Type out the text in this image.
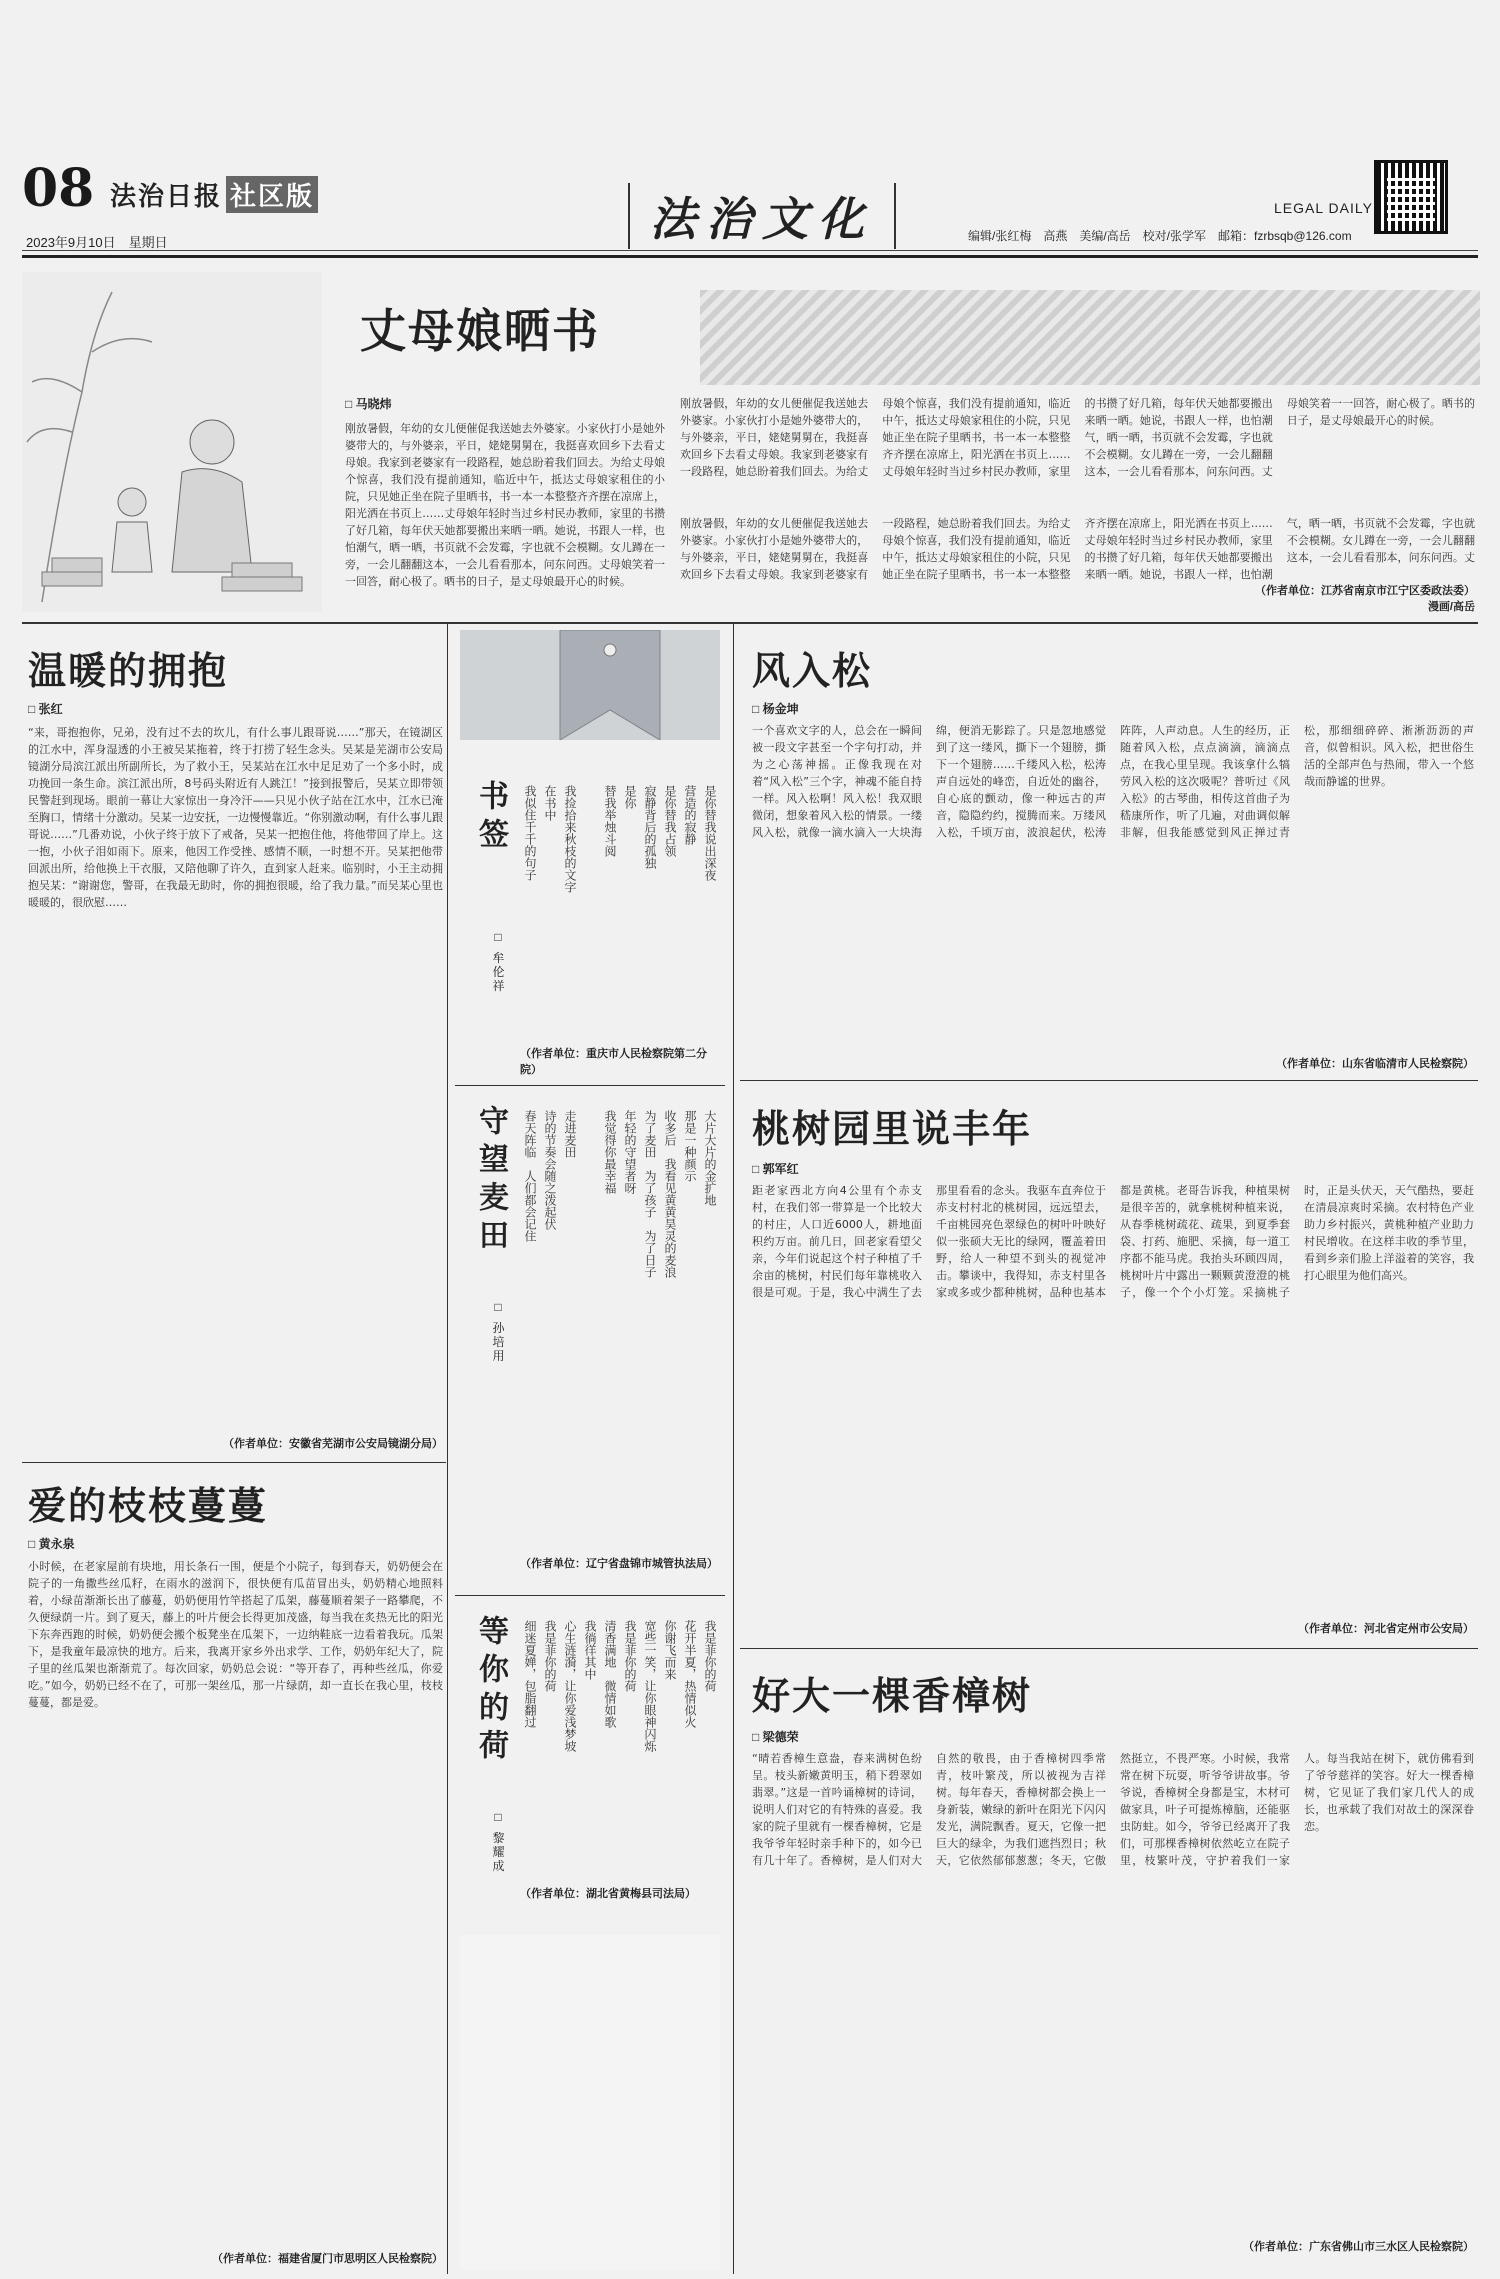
08 法治日报 社区版
2023年9月10日　星期日	法治文化	LEGAL DAILY
编辑/张红梅　高燕　美编/高岳　校对/张学军　邮箱：fzrbsqb@126.com
丈母娘晒书
□ 马晓炜
刚放暑假，年幼的女儿便催促我送她去外婆家。小家伙打小是她外婆带大的，与外婆亲，平日，姥姥舅舅在，我挺喜欢回乡下去看丈母娘。我家到老婆家有一段路程，她总盼着我们回去。为给丈母娘个惊喜，我们没有提前通知，临近中午，抵达丈母娘家租住的小院，只见她正坐在院子里晒书，书一本一本整整齐齐摆在凉席上，阳光洒在书页上……丈母娘年轻时当过乡村民办教师，家里的书攒了好几箱，每年伏天她都要搬出来晒一晒。她说，书跟人一样，也怕潮气，晒一晒，书页就不会发霉，字也就不会模糊。女儿蹲在一旁，一会儿翻翻这本，一会儿看看那本，问东问西。丈母娘笑着一一回答，耐心极了。晒书的日子，是丈母娘最开心的时候。
刚放暑假，年幼的女儿便催促我送她去外婆家。小家伙打小是她外婆带大的，与外婆亲，平日，姥姥舅舅在，我挺喜欢回乡下去看丈母娘。我家到老婆家有一段路程，她总盼着我们回去。为给丈母娘个惊喜，我们没有提前通知，临近中午，抵达丈母娘家租住的小院，只见她正坐在院子里晒书，书一本一本整整齐齐摆在凉席上，阳光洒在书页上……丈母娘年轻时当过乡村民办教师，家里的书攒了好几箱，每年伏天她都要搬出来晒一晒。她说，书跟人一样，也怕潮气，晒一晒，书页就不会发霉，字也就不会模糊。女儿蹲在一旁，一会儿翻翻这本，一会儿看看那本，问东问西。丈母娘笑着一一回答，耐心极了。晒书的日子，是丈母娘最开心的时候。
刚放暑假，年幼的女儿便催促我送她去外婆家。小家伙打小是她外婆带大的，与外婆亲，平日，姥姥舅舅在，我挺喜欢回乡下去看丈母娘。我家到老婆家有一段路程，她总盼着我们回去。为给丈母娘个惊喜，我们没有提前通知，临近中午，抵达丈母娘家租住的小院，只见她正坐在院子里晒书，书一本一本整整齐齐摆在凉席上，阳光洒在书页上……丈母娘年轻时当过乡村民办教师，家里的书攒了好几箱，每年伏天她都要搬出来晒一晒。她说，书跟人一样，也怕潮气，晒一晒，书页就不会发霉，字也就不会模糊。女儿蹲在一旁，一会儿翻翻这本，一会儿看看那本，问东问西。丈
（作者单位：江苏省南京市江宁区委政法委）
漫画/高岳
温暖的拥抱
□ 张红
“来，哥抱抱你，兄弟，没有过不去的坎儿，有什么事儿跟哥说……”那天，在镜湖区的江水中，浑身湿透的小王被吴某拖着，终于打捞了轻生念头。吴某是芜湖市公安局镜湖分局滨江派出所副所长，为了救小王，吴某站在江水中足足劝了一个多小时，成功挽回一条生命。滨江派出所，8号码头附近有人跳江！”接到报警后，吴某立即带领民警赶到现场。眼前一幕让大家惊出一身冷汗——只见小伙子站在江水中，江水已淹至胸口，情绪十分激动。吴某一边安抚，一边慢慢靠近。“你别激动啊，有什么事儿跟哥说……”几番劝说，小伙子终于放下了戒备，吴某一把抱住他，将他带回了岸上。这一抱，小伙子泪如雨下。原来，他因工作受挫、感情不顺，一时想不开。吴某把他带回派出所，给他换上干衣服，又陪他聊了许久，直到家人赶来。临别时，小王主动拥抱吴某：“谢谢您，警哥，在我最无助时，你的拥抱很暖，给了我力量。”而吴某心里也暖暖的，很欣慰……
（作者单位：安徽省芜湖市公安局镜湖分局）
爱的枝枝蔓蔓
□ 黄永泉
小时候，在老家屋前有块地，用长条石一围，便是个小院子，每到春天，奶奶便会在院子的一角撒些丝瓜籽，在雨水的滋润下，很快便有瓜苗冒出头，奶奶精心地照料着，小绿苗渐渐长出了藤蔓，奶奶便用竹竿搭起了瓜架，藤蔓顺着架子一路攀爬，不久便绿荫一片。到了夏天，藤上的叶片便会长得更加茂盛，每当我在炙热无比的阳光下东奔西跑的时候，奶奶便会搬个板凳坐在瓜架下，一边纳鞋底一边看着我玩。瓜架下，是我童年最凉快的地方。后来，我离开家乡外出求学、工作，奶奶年纪大了，院子里的丝瓜架也渐渐荒了。每次回家，奶奶总会说：“等开春了，再种些丝瓜，你爱吃。”如今，奶奶已经不在了，可那一架丝瓜，那一片绿荫，却一直长在我心里，枝枝蔓蔓，都是爱。
（作者单位：福建省厦门市思明区人民检察院）
书签
□ 牟伦祥
是你替我说出深夜
营造的寂静
是你替我占领
寂静背后的孤独
是你
替我举烛斗阅

我捡拾来秋枝的文字
在书中
我似住千千的句子

（作者单位：重庆市人民检察院第二分院）
守望麦田
□ 孙培用
大片大片的金扩地
那是一种颜示
收多后　我看见黄黄昊灵的麦浪
为了麦田　为了孩子　为了日子
年轻的守望者呀
我觉得你最幸福

走进麦田
诗的节奏会随之泼起伏
春天阵临　人们都会记住

（作者单位：辽宁省盘锦市城管执法局）
等你的荷
□ 黎耀成
我是菲你的荷
花开半夏，热情似火
你谢飞而来
宽些一笑，让你眼神闪烁
我是菲你的荷
清香满地　微情如歌
我徜徉其中
心生涟漪，让你爱浅梦坡
我是菲你的荷
细迷夏婵，包脂翻过

（作者单位：湖北省黄梅县司法局）
风入松
□ 杨金坤
一个喜欢文字的人，总会在一瞬间被一段文字甚至一个字句打动，并为之心荡神摇。正像我现在对着“风入松”三个字，神魂不能自持一样。风入松啊！风入松！我双眼微闭，想象着风入松的情景。一缕风入松，就像一滴水滴入一大块海绵，便消无影踪了。只是忽地感觉到了这一缕风，撕下一个翅膀，撕下一个翅膀……千缕风入松，松涛声自远处的峰峦，自近处的幽谷，自心底的颤动，像一种远古的声音，隐隐约约，搅腾而来。万缕风入松，千顷万亩，波浪起伏，松涛阵阵，人声动息。人生的经历，正随着风入松，点点滴滴，滴滴点点，在我心里呈现。我该拿什么犒劳风入松的这次吸呢？普听过《风入松》的古琴曲，相传这首曲子为嵇康所作，听了几遍，对曲调似解非解，但我能感觉到风正掸过青松，那细细碎碎、淅淅沥沥的声音，似曾相识。风入松，把世俗生活的全部声色与热闹，带入一个悠哉而静谧的世界。
（作者单位：山东省临清市人民检察院）
桃树园里说丰年
□ 郭军红
距老家西北方向4公里有个赤支村，在我们邻一带算是一个比较大的村庄，人口近6000人，耕地面积约万亩。前几日，回老家看望父亲，今年们说起这个村子种植了千余亩的桃树，村民们每年靠桃收入很是可观。于是，我心中满生了去那里看看的念头。我驱车直奔位于赤支村村北的桃树园，远远望去，千亩桃园亮色翠绿色的树叶叶映好似一张硕大无比的绿网，覆盖着田野，给人一种望不到头的视觉冲击。攀谈中，我得知，赤支村里各家或多或少都种桃树，品种也基本都是黄桃。老哥告诉我，种植果树是很辛苦的，就拿桃树种植来说，从春季桃树疏花、疏果，到夏季套袋、打药、施肥、采摘，每一道工序都不能马虎。我抬头环顾四周，桃树叶片中露出一颗颗黄澄澄的桃子，像一个个小灯笼。采摘桃子时，正是头伏天，天气酷热，要赶在清晨凉爽时采摘。农村特色产业助力乡村振兴，黄桃种植产业助力村民增收。在这样丰收的季节里，看到乡亲们脸上洋溢着的笑容，我打心眼里为他们高兴。
（作者单位：河北省定州市公安局）
好大一棵香樟树
□ 梁德荣
“晴若香樟生意盎，春来满树色纷呈。枝头新嫩黄明玉，稍下碧翠如翡翠。”这是一首吟诵樟树的诗词，说明人们对它的有特殊的喜爱。我家的院子里就有一棵香樟树，它是我爷爷年轻时亲手种下的，如今已有几十年了。香樟树，是人们对大自然的敬畏，由于香樟树四季常青，枝叶繁茂，所以被视为吉祥树。每年春天，香樟树都会换上一身新装，嫩绿的新叶在阳光下闪闪发光，满院飘香。夏天，它像一把巨大的绿伞，为我们遮挡烈日；秋天，它依然郁郁葱葱；冬天，它傲然挺立，不畏严寒。小时候，我常常在树下玩耍，听爷爷讲故事。爷爷说，香樟树全身都是宝，木材可做家具，叶子可提炼樟脑，还能驱虫防蛀。如今，爷爷已经离开了我们，可那棵香樟树依然屹立在院子里，枝繁叶茂，守护着我们一家人。每当我站在树下，就仿佛看到了爷爷慈祥的笑容。好大一棵香樟树，它见证了我们家几代人的成长，也承载了我们对故土的深深眷恋。
（作者单位：广东省佛山市三水区人民检察院）
